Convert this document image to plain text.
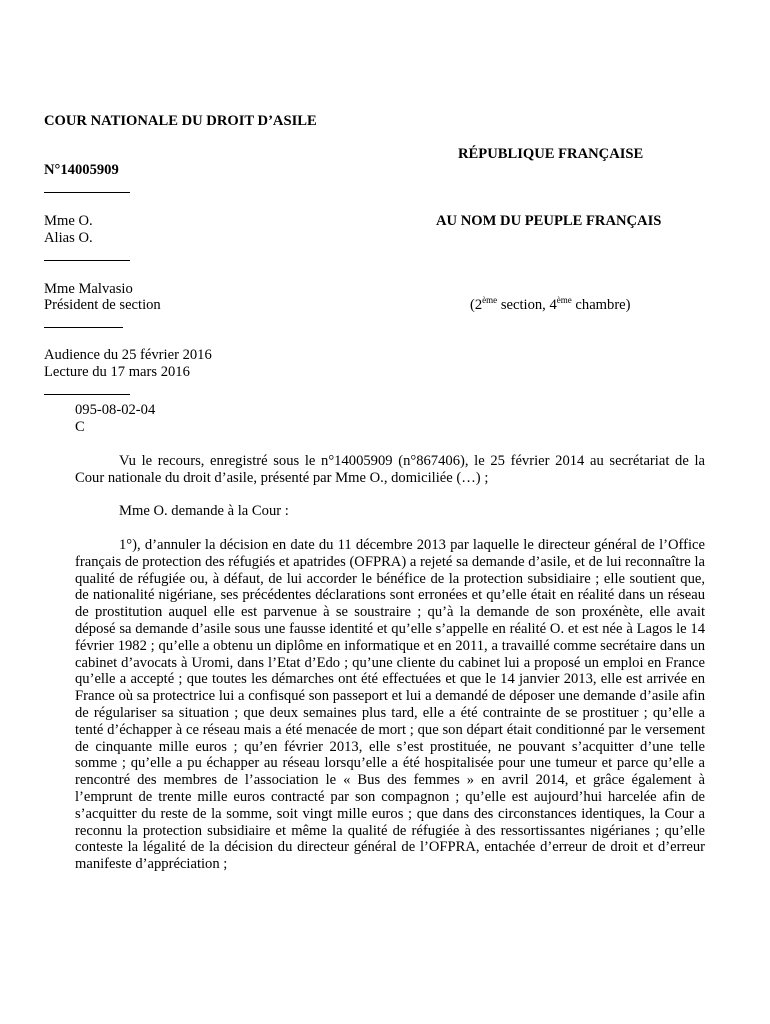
COUR NATIONALE DU DROIT D’ASILE
RÉPUBLIQUE FRANÇAISE
N°14005909
Mme O.
Alias O.
AU NOM DU PEUPLE FRANÇAIS
Mme Malvasio
Président de section	(2ème section, 4ème chambre)
Audience du 25 février 2016
Lecture du 17 mars 2016
095-08-02-04
C

Vu le recours, enregistré sous le n°14005909 (n°867406), le 25 février 2014 au secrétariat de la Cour nationale du droit d’asile, présenté par Mme O., domiciliée (…) ;

Mme O. demande à la Cour :

1°), d’annuler la décision en date du 11 décembre 2013 par laquelle le directeur général de l’Office français de protection des réfugiés et apatrides (OFPRA) a rejeté sa demande d’asile, et de lui reconnaître la qualité de réfugiée ou, à défaut, de lui accorder le bénéfice de la protection subsidiaire ; elle soutient que, de nationalité nigériane, ses précédentes déclarations sont erronées et qu’elle était en réalité dans un réseau de prostitution auquel elle est parvenue à se soustraire ; qu’à la demande de son proxénète, elle avait déposé sa demande d’asile sous une fausse identité et qu’elle s’appelle en réalité O. et est née à Lagos le 14 février 1982 ; qu’elle a obtenu un diplôme en informatique et en 2011, a travaillé comme secrétaire dans un cabinet d’avocats à Uromi, dans l’Etat d’Edo ; qu’une cliente du cabinet lui a proposé un emploi en France qu’elle a accepté ; que toutes les démarches ont été effectuées et que le 14 janvier 2013, elle est arrivée en France où sa protectrice lui a confisqué son passeport et lui a demandé de déposer une demande d’asile afin de régulariser sa situation ; que deux semaines plus tard, elle a été contrainte de se prostituer ; qu’elle a tenté d’échapper à ce réseau mais a été menacée de mort ; que son départ était conditionné par le versement de cinquante mille euros ; qu’en février 2013, elle s’est prostituée, ne pouvant s’acquitter d’une telle somme ; qu’elle a pu échapper au réseau lorsqu’elle a été hospitalisée pour une tumeur et parce qu’elle a rencontré des membres de l’association le « Bus des femmes » en avril 2014, et grâce également à l’emprunt de trente mille euros contracté par son compagnon ; qu’elle est aujourd’hui harcelée afin de s’acquitter du reste de la somme, soit vingt mille euros ; que dans des circonstances identiques, la Cour a reconnu la protection subsidiaire et même la qualité de réfugiée à des ressortissantes nigérianes ; qu’elle conteste la légalité de la décision du directeur général de l’OFPRA, entachée d’erreur de droit et d’erreur manifeste d’appréciation ;
